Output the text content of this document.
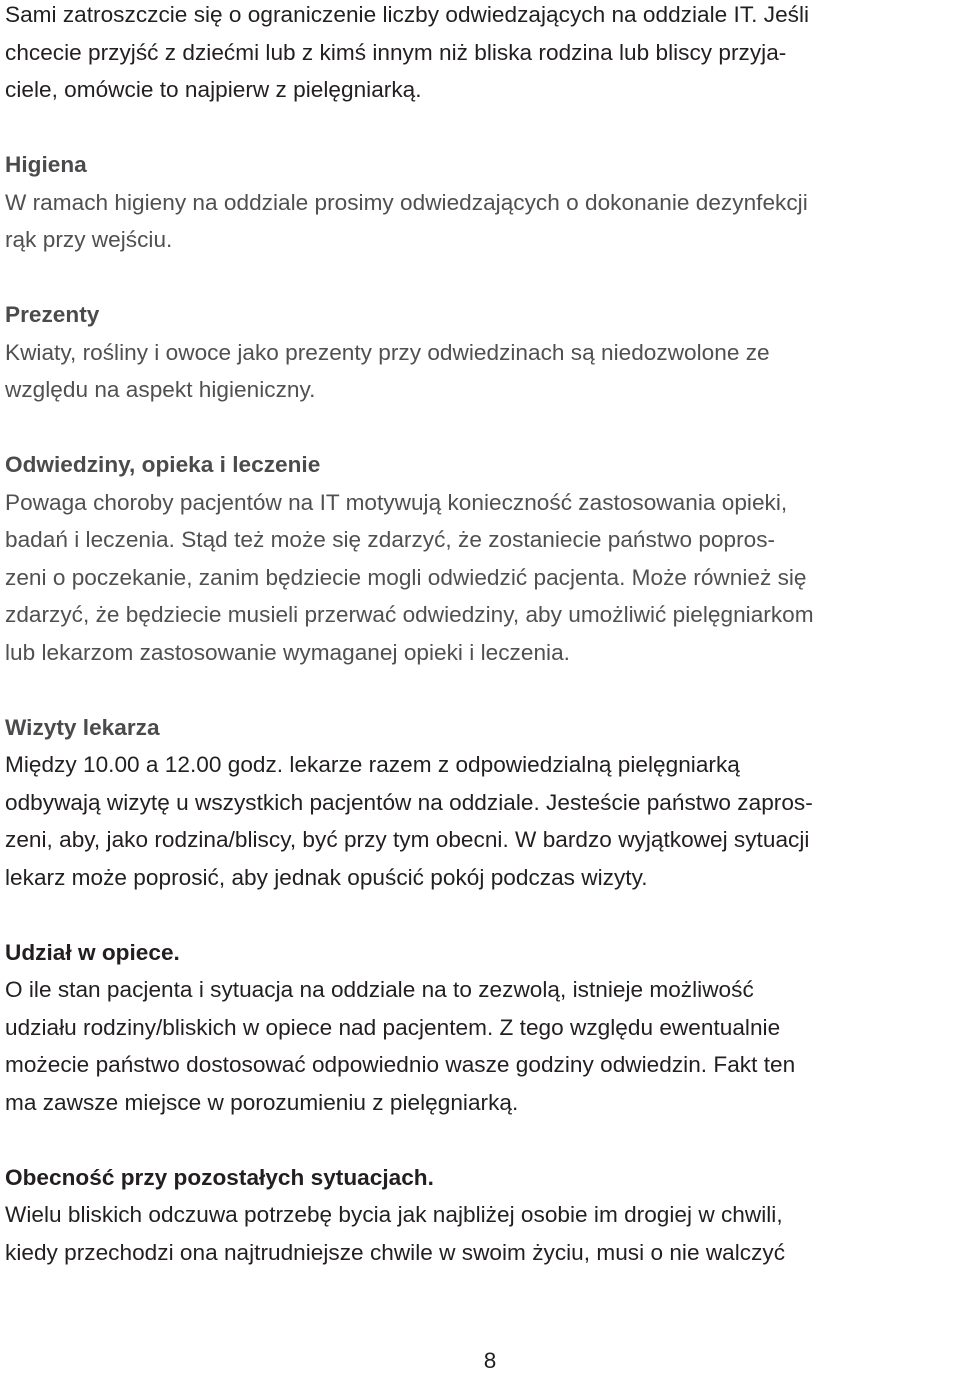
Sami zatroszczcie się o ograniczenie liczby odwiedzających na oddziale IT. Jeśli
chcecie przyjść z dziećmi lub z kimś innym niż bliska rodzina lub bliscy przyja-
ciele, omówcie to najpierw z pielęgniarką.
Higiena
W ramach higieny na oddziale prosimy odwiedzających o dokonanie dezynfekcji
rąk przy wejściu.
Prezenty
Kwiaty, rośliny i owoce jako prezenty przy odwiedzinach są niedozwolone ze
względu na aspekt higieniczny.
Odwiedziny, opieka i leczenie
Powaga choroby pacjentów na IT motywują konieczność zastosowania opieki,
badań i leczenia. Stąd też może się zdarzyć, że zostaniecie państwo popros-
zeni o poczekanie, zanim będziecie mogli odwiedzić pacjenta. Może również się
zdarzyć, że będziecie musieli przerwać odwiedziny, aby umożliwić pielęgniarkom
lub lekarzom zastosowanie wymaganej opieki i leczenia.
Wizyty lekarza
Między 10.00 a 12.00 godz. lekarze razem z odpowiedzialną pielęgniarką
odbywają wizytę u wszystkich pacjentów na oddziale. Jesteście państwo zapros-
zeni, aby, jako rodzina/bliscy, być przy tym obecni. W bardzo wyjątkowej sytuacji
lekarz może poprosić, aby jednak opuścić pokój podczas wizyty.
Udział w opiece.
O ile stan pacjenta i sytuacja na oddziale na to zezwolą, istnieje możliwość
udziału rodziny/bliskich w opiece nad pacjentem. Z tego względu ewentualnie
możecie państwo dostosować odpowiednio wasze godziny odwiedzin. Fakt ten
ma zawsze miejsce w porozumieniu z pielęgniarką.
Obecność przy pozostałych sytuacjach.
Wielu bliskich odczuwa potrzebę bycia jak najbliżej osobie im drogiej w chwili,
kiedy przechodzi ona najtrudniejsze chwile w swoim życiu, musi o nie walczyć
8
